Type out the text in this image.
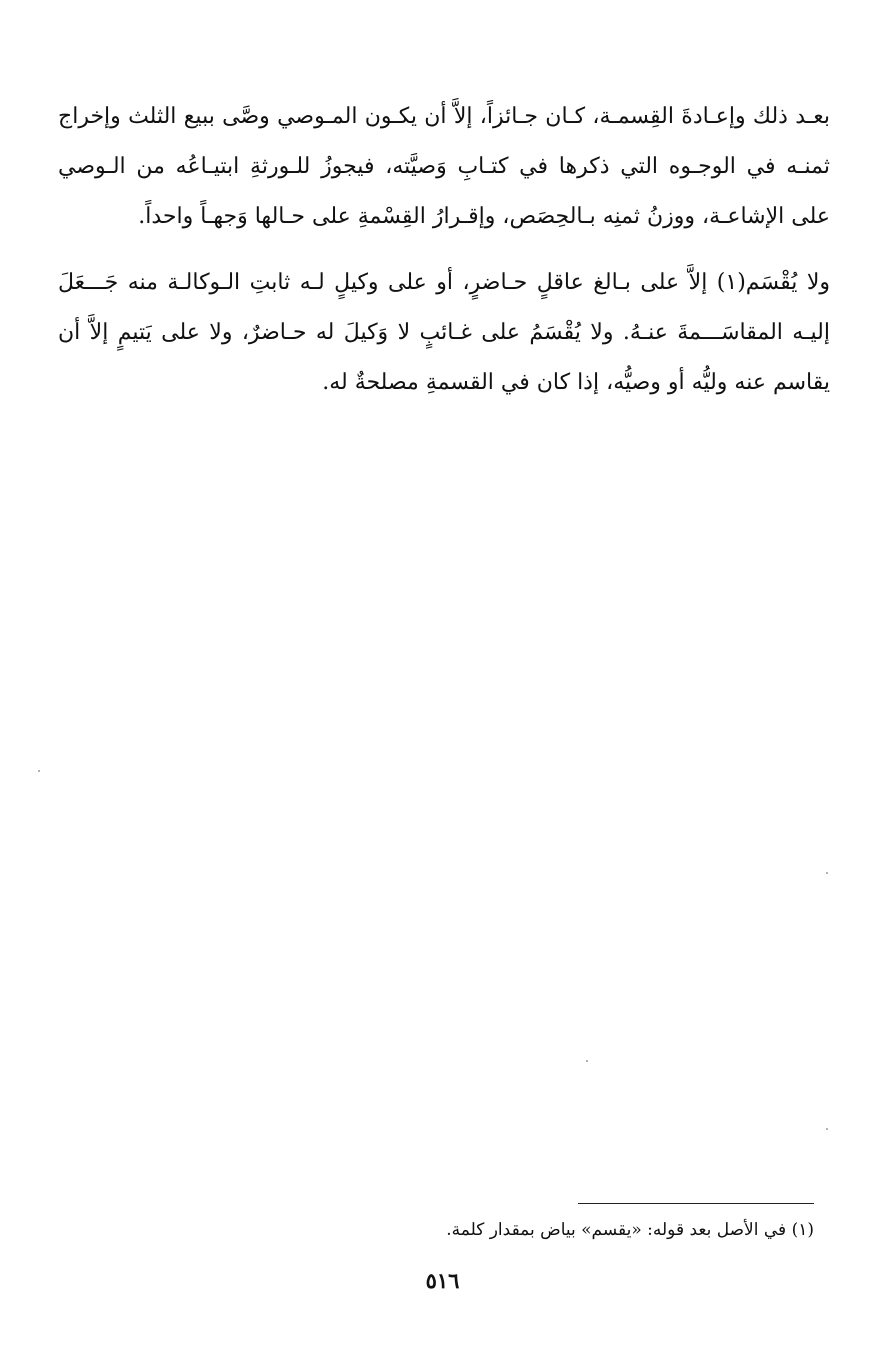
بعـد ذلك وإعـادةَ القِسمـة، كـان جـائزاً، إلاَّ أن يكـون المـوصي وصَّى ببيع الثلث وإخراج ثمنـه في الوجـوه التي ذكرها في كتـابِ وَصيَّته، فيجوزُ للـورثةِ ابتيـاعُه من الـوصي على الإشاعـة، ووزنُ ثمنِه بـالحِصَص، وإقـرارُ القِسْمةِ على حـالها وَجهـاً واحداً.

ولا يُقْسَم(١) إلاَّ على بـالغ عاقلٍ حـاضرٍ، أو على وكيلٍ لـه ثابتِ الـوكالـة منه جَـــعَلَ إليـه المقاسَـــمةَ عنـهُ. ولا يُقْسَمُ على غـائبٍ لا وَكيلَ له حـاضرٌ، ولا على يَتيمٍ إلاَّ أن يقاسم عنه وليُّه أو وصيُّه، إذا كان في القسمةِ مصلحةٌ له.

(١) في الأصل بعد قوله: «يقسم» بياض بمقدار كلمة.
٥١٦
